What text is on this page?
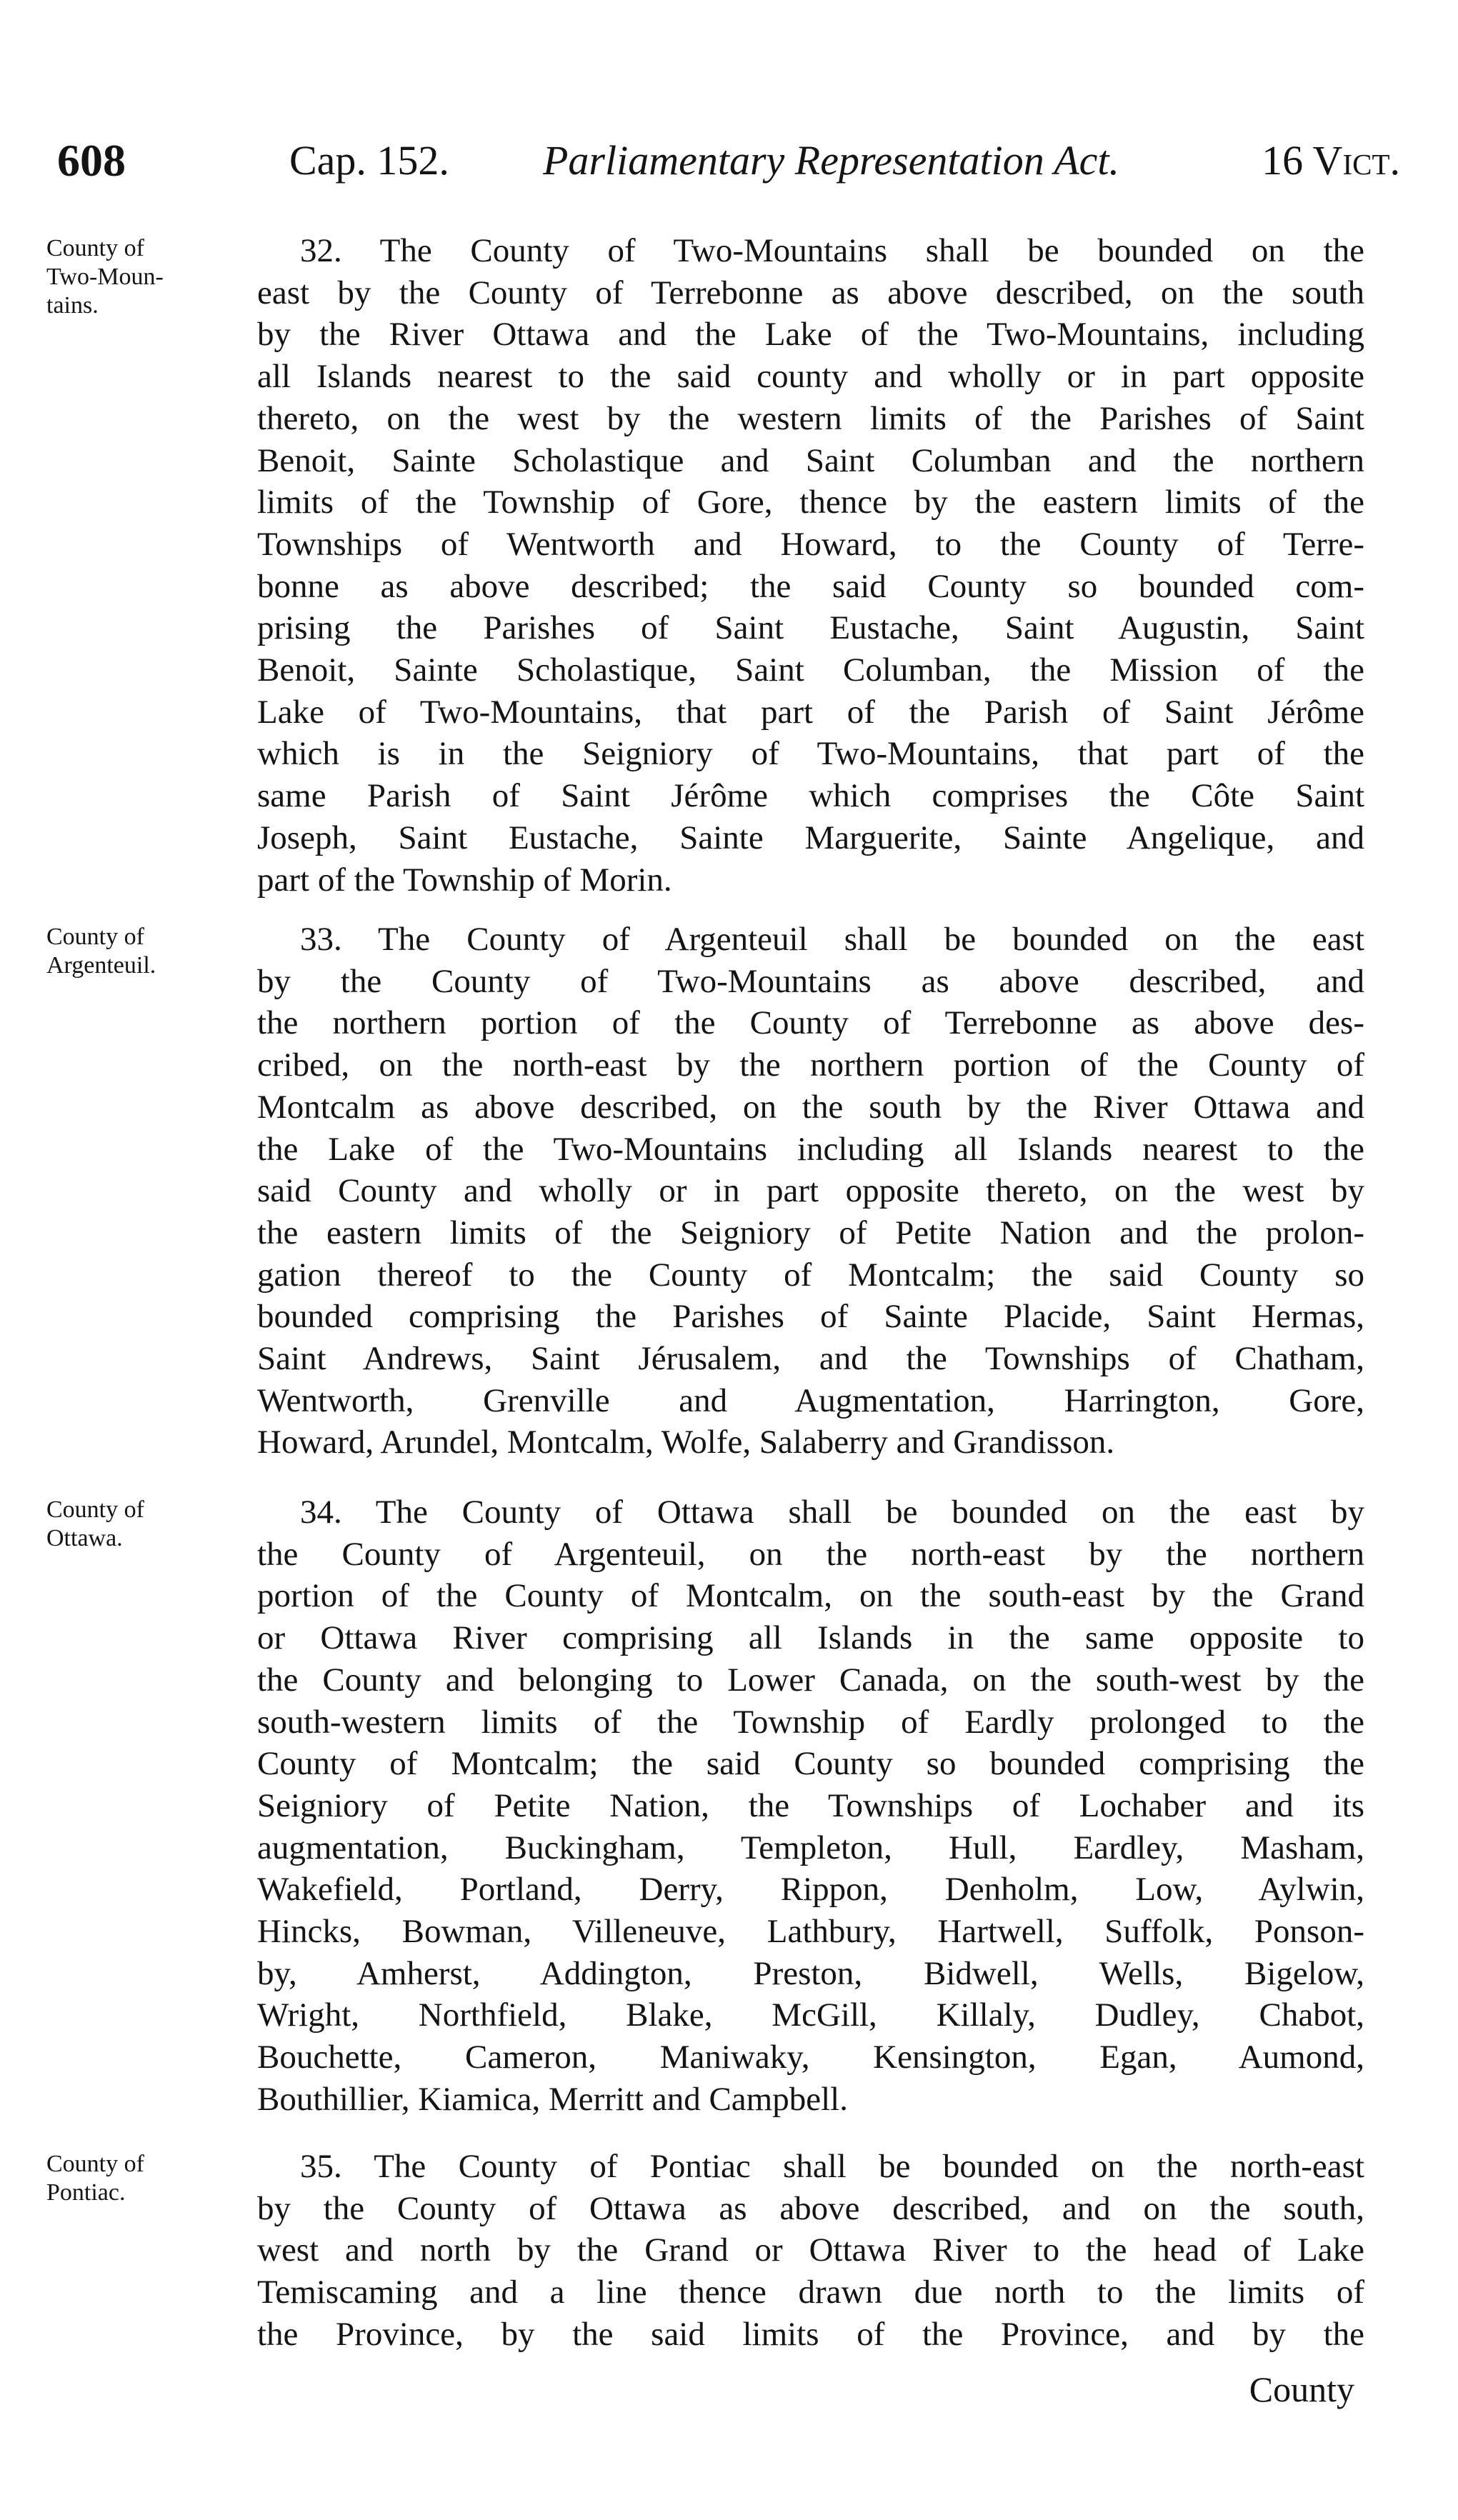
608	Cap. 152. Parliamentary Representation Act.	16 Vict.
County of
Two-Moun-
tains.
32. The County of Two-Mountains shall be bounded on the
east by the County of Terrebonne as above described, on the south
by the River Ottawa and the Lake of the Two-Mountains, including
all Islands nearest to the said county and wholly or in part opposite
thereto, on the west by the western limits of the Parishes of Saint
Benoit, Sainte Scholastique and Saint Columban and the northern
limits of the Township of Gore, thence by the eastern limits of the
Townships of Wentworth and Howard, to the County of Terre-
bonne as above described; the said County so bounded com-
prising the Parishes of Saint Eustache, Saint Augustin, Saint
Benoit, Sainte Scholastique, Saint Columban, the Mission of the
Lake of Two-Mountains, that part of the Parish of Saint Jérôme
which is in the Seigniory of Two-Mountains, that part of the
same Parish of Saint Jérôme which comprises the Côte Saint
Joseph, Saint Eustache, Sainte Marguerite, Sainte Angelique, and
part of the Township of Morin.
County of
Argenteuil.
33. The County of Argenteuil shall be bounded on the east
by the County of Two-Mountains as above described, and
the northern portion of the County of Terrebonne as above des-
cribed, on the north-east by the northern portion of the County of
Montcalm as above described, on the south by the River Ottawa and
the Lake of the Two-Mountains including all Islands nearest to the
said County and wholly or in part opposite thereto, on the west by
the eastern limits of the Seigniory of Petite Nation and the prolon-
gation thereof to the County of Montcalm; the said County so
bounded comprising the Parishes of Sainte Placide, Saint Hermas,
Saint Andrews, Saint Jérusalem, and the Townships of Chatham,
Wentworth, Grenville and Augmentation, Harrington, Gore,
Howard, Arundel, Montcalm, Wolfe, Salaberry and Grandisson.
County of
Ottawa.
34. The County of Ottawa shall be bounded on the east by
the County of Argenteuil, on the north-east by the northern
portion of the County of Montcalm, on the south-east by the Grand
or Ottawa River comprising all Islands in the same opposite to
the County and belonging to Lower Canada, on the south-west by the
south-western limits of the Township of Eardly prolonged to the
County of Montcalm; the said County so bounded comprising the
Seigniory of Petite Nation, the Townships of Lochaber and its
augmentation, Buckingham, Templeton, Hull, Eardley, Masham,
Wakefield, Portland, Derry, Rippon, Denholm, Low, Aylwin,
Hincks, Bowman, Villeneuve, Lathbury, Hartwell, Suffolk, Ponson-
by, Amherst, Addington, Preston, Bidwell, Wells, Bigelow,
Wright, Northfield, Blake, McGill, Killaly, Dudley, Chabot,
Bouchette, Cameron, Maniwaky, Kensington, Egan, Aumond,
Bouthillier, Kiamica, Merritt and Campbell.
County of
Pontiac.
35. The County of Pontiac shall be bounded on the north-east
by the County of Ottawa as above described, and on the south,
west and north by the Grand or Ottawa River to the head of Lake
Temiscaming and a line thence drawn due north to the limits of
the Province, by the said limits of the Province, and by the
County
